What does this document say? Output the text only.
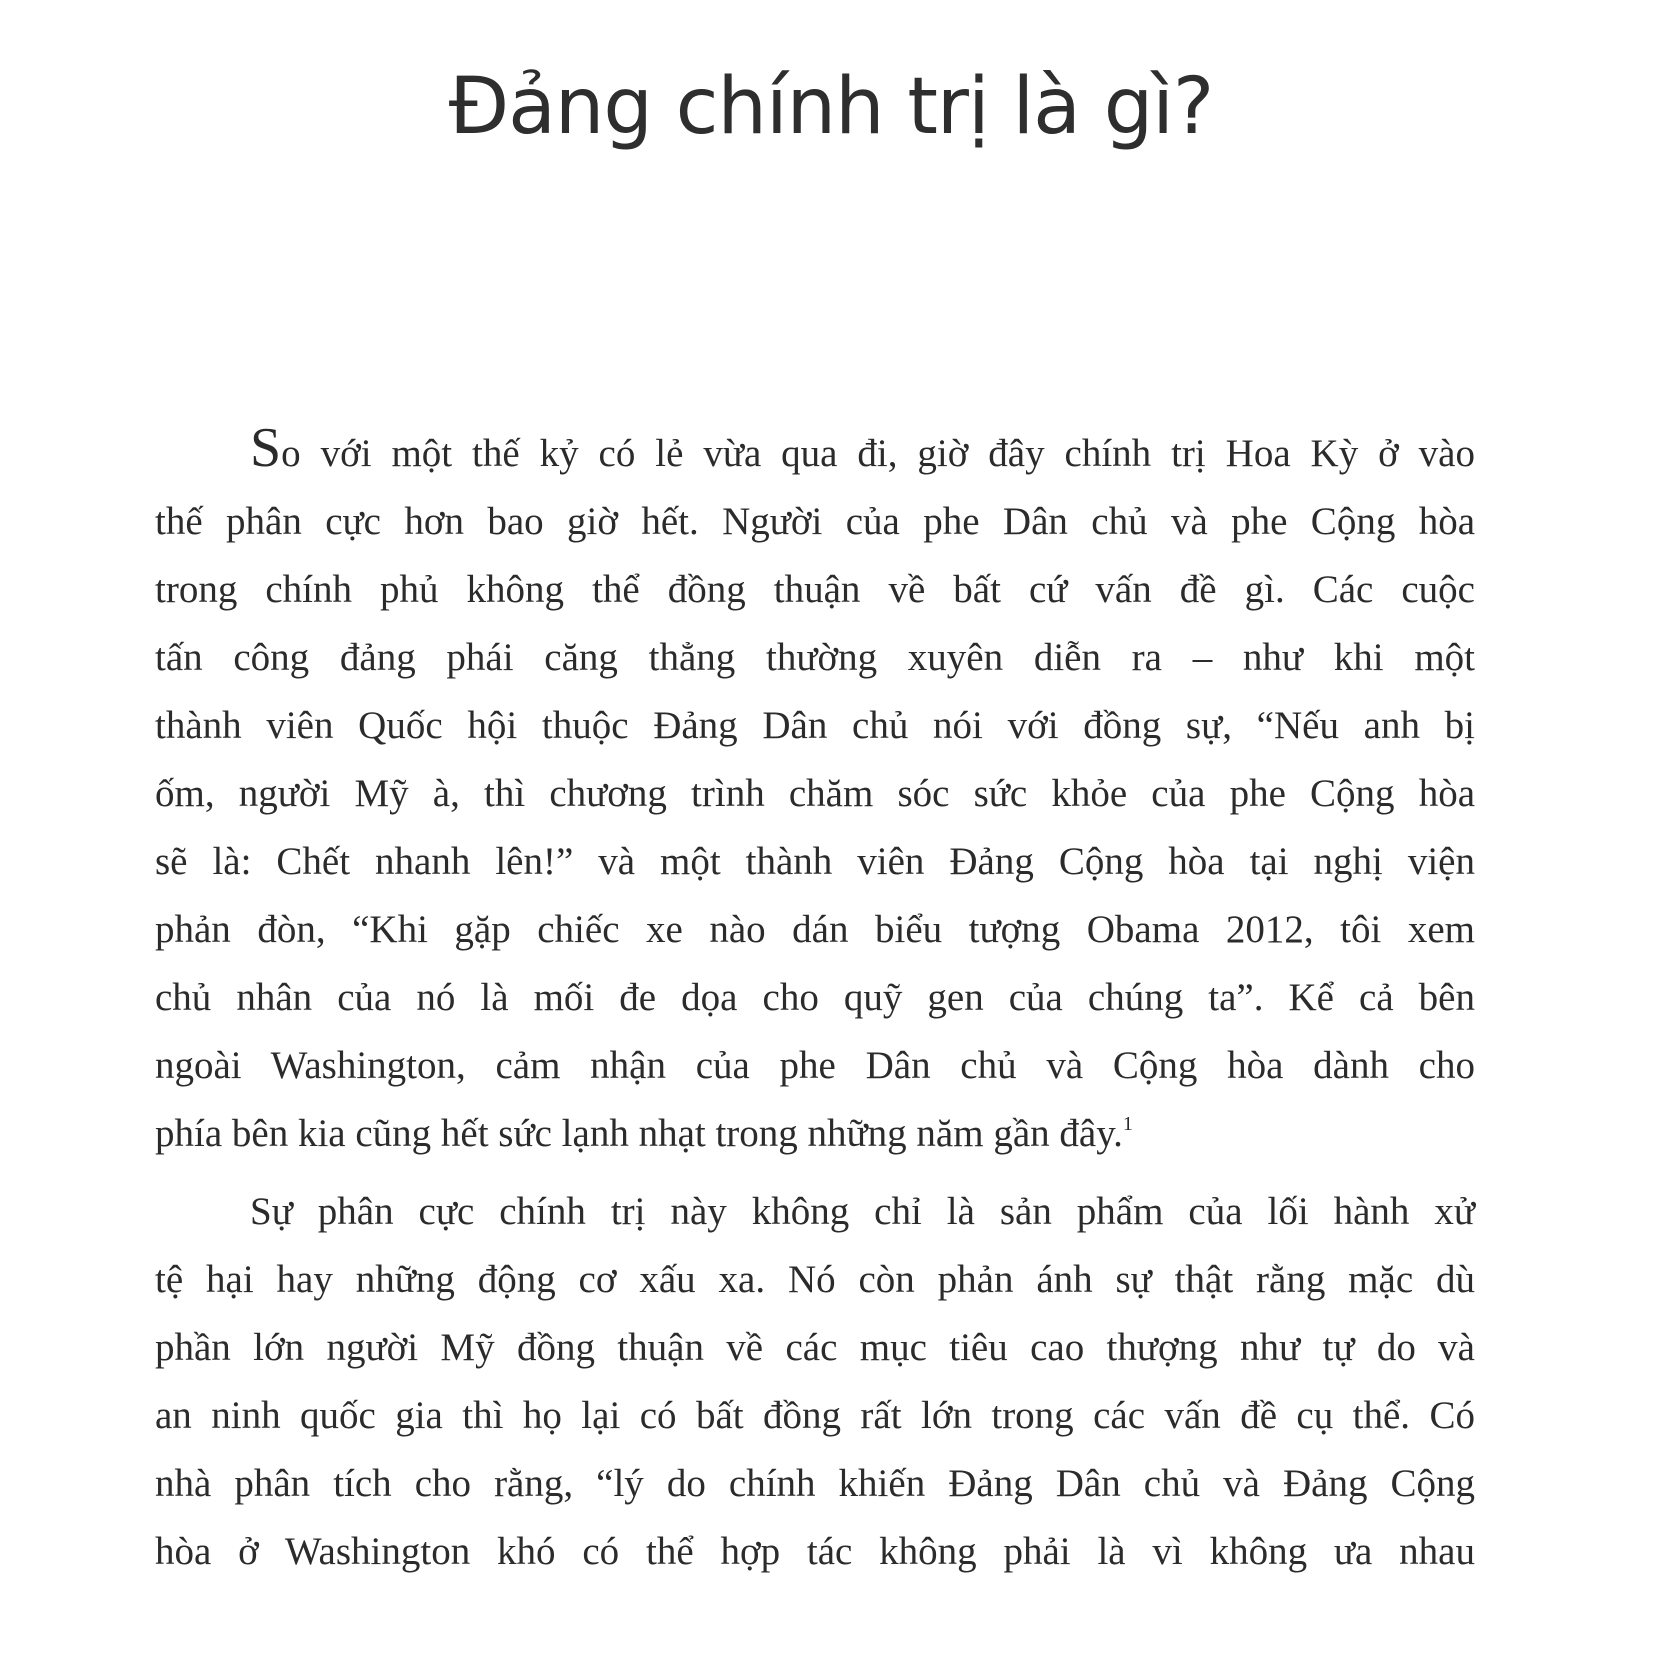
Đảng chính trị là gì?
So với một thế kỷ có lẻ vừa qua đi, giờ đây chính trị Hoa Kỳ ở vào
thế phân cực hơn bao giờ hết. Người của phe Dân chủ và phe Cộng hòa
trong chính phủ không thể đồng thuận về bất cứ vấn đề gì. Các cuộc
tấn công đảng phái căng thẳng thường xuyên diễn ra – như khi một
thành viên Quốc hội thuộc Đảng Dân chủ nói với đồng sự, “Nếu anh bị
ốm, người Mỹ à, thì chương trình chăm sóc sức khỏe của phe Cộng hòa
sẽ là: Chết nhanh lên!” và một thành viên Đảng Cộng hòa tại nghị viện
phản đòn, “Khi gặp chiếc xe nào dán biểu tượng Obama 2012, tôi xem
chủ nhân của nó là mối đe dọa cho quỹ gen của chúng ta”. Kể cả bên
ngoài Washington, cảm nhận của phe Dân chủ và Cộng hòa dành cho
phía bên kia cũng hết sức lạnh nhạt trong những năm gần đây.$^1$
Sự phân cực chính trị này không chỉ là sản phẩm của lối hành xử
tệ hại hay những động cơ xấu xa. Nó còn phản ánh sự thật rằng mặc dù
phần lớn người Mỹ đồng thuận về các mục tiêu cao thượng như tự do và
an ninh quốc gia thì họ lại có bất đồng rất lớn trong các vấn đề cụ thể. Có
nhà phân tích cho rằng, “lý do chính khiến Đảng Dân chủ và Đảng Cộng
hòa ở Washington khó có thể hợp tác không phải là vì không ưa nhau
